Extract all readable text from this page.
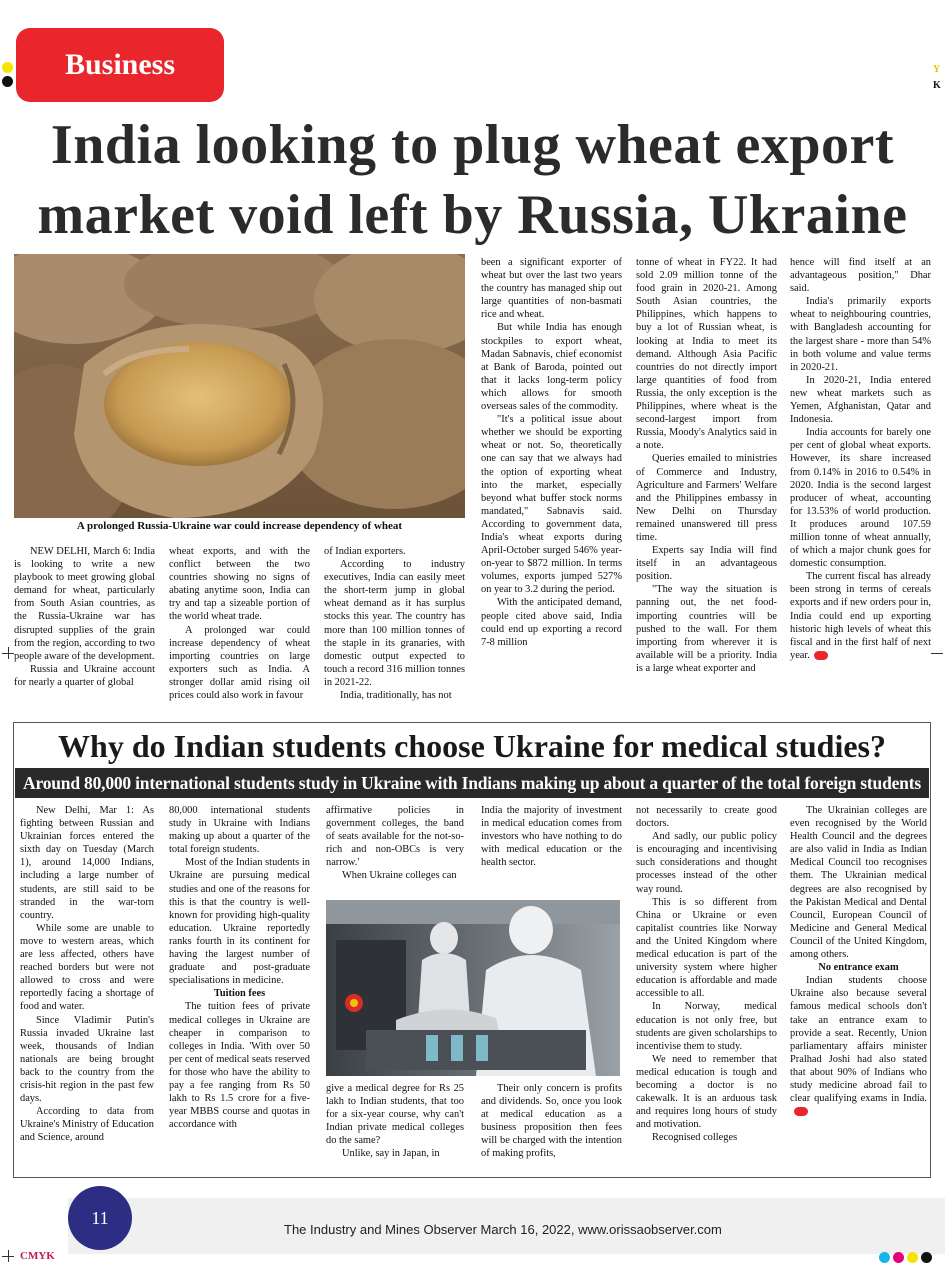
Y
K
Business
India looking to plug wheat export market void left by Russia, Ukraine
A prolonged Russia-Ukraine war could increase dependency of wheat

NEW DELHI, March 6: India is looking to write a new playbook to meet growing global demand for wheat, particularly from South Asian countries, as the Russia-Ukraine war has disrupted supplies of the grain from the region, according to two people aware of the development.

Russia and Ukraine account for nearly a quarter of global

wheat exports, and with the conflict between the two countries showing no signs of abating anytime soon, India can try and tap a sizeable portion of the world wheat trade.

A prolonged war could increase dependency of wheat importing countries on large exporters such as India. A stronger dollar amid rising oil prices could also work in favour

of Indian exporters.

According to industry executives, India can easily meet the short-term jump in global wheat demand as it has surplus stocks this year. The country has more than 100 million tonnes of the staple in its granaries, with domestic output expected to touch a record 316 million tonnes in 2021-22.

India, traditionally, has not

been a significant exporter of wheat but over the last two years the country has managed ship out large quantities of non-basmati rice and wheat.

But while India has enough stockpiles to export wheat, Madan Sabnavis, chief economist at Bank of Baroda, pointed out that it lacks long-term policy which allows for smooth overseas sales of the commodity.

"It's a political issue about whether we should be exporting wheat or not. So, theoretically one can say that we always had the option of exporting wheat into the market, especially beyond what buffer stock norms mandated," Sabnavis said. According to government data, India's wheat exports during April-October surged 546% year-on-year to $872 million. In terms volumes, exports jumped 527% on year to 3.2 during the period.

With the anticipated demand, people cited above said, India could end up exporting a record 7-8 million

tonne of wheat in FY22. It had sold 2.09 million tonne of the food grain in 2020-21. Among South Asian countries, the Philippines, which happens to buy a lot of Russian wheat, is looking at India to meet its demand. Although Asia Pacific countries do not directly import large quantities of food from Russia, the only exception is the Philippines, where wheat is the second-largest import from Russia, Moody's Analytics said in a note.

Queries emailed to ministries of Commerce and Industry, Agriculture and Farmers' Welfare and the Philippines embassy in New Delhi on Thursday remained unanswered till press time.

Experts say India will find itself in an advantageous position.

"The way the situation is panning out, the net food-importing countries will be pushed to the wall. For them importing from wherever it is available will be a priority. India is a large wheat exporter and

hence will find itself at an advantageous position," Dhar said.

India's primarily exports wheat to neighbouring countries, with Bangladesh accounting for the largest share - more than 54% in both volume and value terms in 2020-21.

In 2020-21, India entered new wheat markets such as Yemen, Afghanistan, Qatar and Indonesia.

India accounts for barely one per cent of global wheat exports. However, its share increased from 0.14% in 2016 to 0.54% in 2020. India is the second largest producer of wheat, accounting for 13.53% of world production. It produces around 107.59 million tonne of wheat annually, of which a major chunk goes for domestic consumption.

The current fiscal has already been strong in terms of cereals exports and if new orders pour in, India could end up exporting historic high levels of wheat this fiscal and in the first half of next year.

Why do Indian students choose Ukraine for medical studies?
Around 80,000 international students study in Ukraine with Indians making up about a quarter of the total foreign students

New Delhi, Mar 1: As fighting between Russian and Ukrainian forces entered the sixth day on Tuesday (March 1), around 14,000 Indians, including a large number of students, are still said to be stranded in the war-torn country.

While some are unable to move to western areas, which are less affected, others have reached borders but were not allowed to cross and were reportedly facing a shortage of food and water.

Since Vladimir Putin's Russia invaded Ukraine last week, thousands of Indian nationals are being brought back to the country from the crisis-hit region in the past few days.

According to data from Ukraine's Ministry of Education and Science, around

80,000 international students study in Ukraine with Indians making up about a quarter of the total foreign students.

Most of the Indian students in Ukraine are pursuing medical studies and one of the reasons for this is that the country is well-known for providing high-quality education. Ukraine reportedly ranks fourth in its continent for having the largest number of graduate and post-graduate specialisations in medicine.

Tuition fees

The tuition fees of private medical colleges in Ukraine are cheaper in comparison to colleges in India. 'With over 50 per cent of medical seats reserved for those who have the ability to pay a fee ranging from Rs 50 lakh to Rs 1.5 crore for a five-year MBBS course and quotas in accordance with

affirmative policies in government colleges, the band of seats available for the not-so-rich and non-OBCs is very narrow.'

When Ukraine colleges can

India the majority of investment in medical education comes from investors who have nothing to do with medical education or the health sector.

give a medical degree for Rs 25 lakh to Indian students, that too for a six-year course, why can't Indian private medical colleges do the same?

Unlike, say in Japan, in

Their only concern is profits and dividends. So, once you look at medical education as a business proposition then fees will be charged with the intention of making profits,

not necessarily to create good doctors.

And sadly, our public policy is encouraging and incentivising such considerations and thought processes instead of the other way round.

This is so different from China or Ukraine or even capitalist countries like Norway and the United Kingdom where medical education is part of the university system where higher education is affordable and made accessible to all.

In Norway, medical education is not only free, but students are given scholarships to incentivise them to study.

We need to remember that medical education is tough and becoming a doctor is no cakewalk. It is an arduous task and requires long hours of study and motivation.

Recognised colleges

The Ukrainian colleges are even recognised by the World Health Council and the degrees are also valid in India as Indian Medical Council too recognises them. The Ukrainian medical degrees are also recognised by the Pakistan Medical and Dental Council, European Council of Medicine and General Medical Council of the United Kingdom, among others.

No entrance exam

Indian students choose Ukraine also because several famous medical schools don't take an entrance exam to provide a seat. Recently, Union parliamentary affairs minister Pralhad Joshi had also stated that about 90% of Indians who study medicine abroad fail to clear qualifying exams in India.

11
The Industry and Mines Observer March 16, 2022, www.orissaobserver.com
CMYK
